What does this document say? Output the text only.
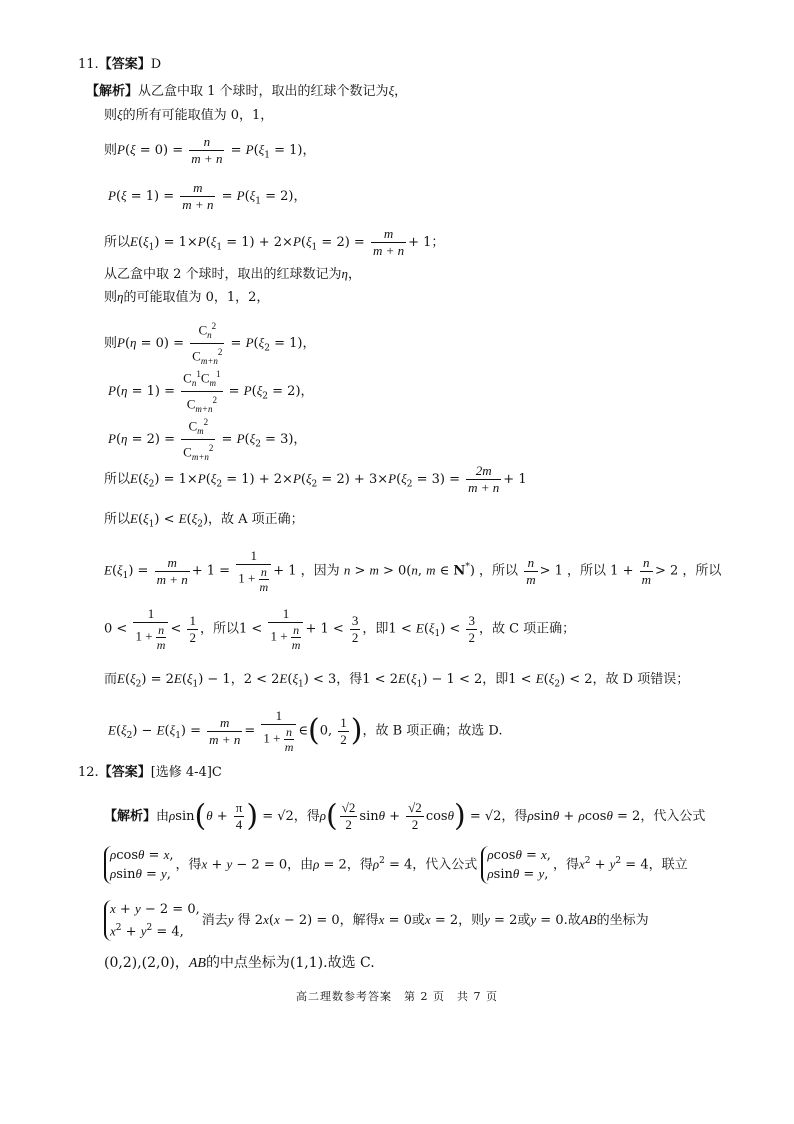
11.【答案】D
【解析】从乙盒中取 1 个球时，取出的红球个数记为ξ，
则ξ的所有可能取值为 0，1，
则$P(\xi = 0) = \frac{n}{m + n} = P(\xi_1 = 1)$，
$P(\xi = 1) = \frac{m}{m + n} = P(\xi_1 = 2)$，
所以$E(\xi_1) = 1\times P(\xi_1 = 1) + 2\times P(\xi_1 = 2) = \frac{m}{m + n} + 1$；
从乙盒中取 2 个球时，取出的红球数记为η，
则η的可能取值为 0，1，2，
则$P(\eta = 0) = \frac{C_n^2}{C_{m+n}^2} = P(\xi_2 = 1)$，
$P(\eta = 1) = \frac{C_n^1C_m^1}{C_{m+n}^2} = P(\xi_2 = 2)$，
$P(\eta = 2) = \frac{C_m^2}{C_{m+n}^2} = P(\xi_2 = 3)$，
所以$E(\xi_2) = 1\times P(\xi_2 = 1) + 2\times P(\xi_2 = 2) + 3\times P(\xi_2 = 3) = \frac{2m}{m + n} + 1$
所以$E(\xi_1) < E(\xi_2)$，故 A 项正确；
$E(\xi_1) = \frac{m}{m + n} + 1 = \frac{1}{1 + \frac{n}{m}} + 1$ ，因为 n > m > 0(n, m ∈ N*) ，所以 $\frac{n}{m} > 1$ ，所以 $1 + \frac{n}{m} > 2$ ，所以
$0 < \frac{1}{1 + \frac{n}{m}} < \frac{1}{2}$ ，所以$1 < \frac{1}{1 + \frac{n}{m}} + 1 < \frac{3}{2}$ ，即$1 < E(\xi_1) < \frac{3}{2}$ ，故 C 项正确；
而$E(\xi_2) = 2E(\xi_1) - 1$，$2 < 2E(\xi_1) < 3$，得$1 < 2E(\xi_1) - 1 < 2$，即$1 < E(\xi_2) < 2$，故 D 项错误；
$E(\xi_2) - E(\xi_1) = \frac{m}{m + n} = \frac{1}{1 + \frac{n}{m}}$ ∈(0, $\frac{1}{2}$ )，故 B 项正确；故选 D.
12.【答案】[选修 4-4]C
【解析】由$\rho\sin(\theta + \frac{\pi}{4}$ ) = √2，得$\rho( \frac{√2}{2}$ $\sin\theta + \frac{√2}{2} \cos\theta) = √2$，得ρsinθ + ρcosθ = 2，代入公式
ρcosθ = x,
ρsinθ = y,
，得x + y − 2 = 0，由ρ = 2，得$\rho^2 = 4$，代入公式
ρcosθ = x,
ρsinθ = y,
，得$x^2 + y^2 = 4$，联立
x + y − 2 = 0,
$x^2 + y^2 = 4$,
消去y 得 2x(x − 2) = 0，解得x = 0或x = 2，则y = 2或y = 0.故AB的坐标为
(0,2),(2,0)，AB的中点坐标为(1,1).故选 C.
高二理数参考答案　第 2 页　共 7 页
